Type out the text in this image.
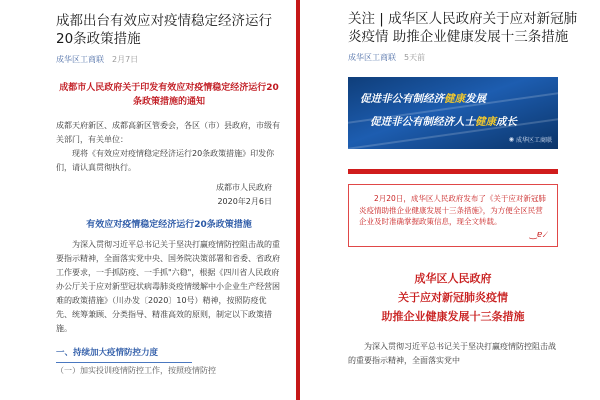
成都出台有效应对疫情稳定经济运行20条政策措施
成华区工商联 2月7日
成都市人民政府关于印发有效应对疫情稳定经济运行20条政策措施的通知

成都天府新区、成都高新区管委会，各区（市）县政府，市级有关部门，有关单位：

现将《有效应对疫情稳定经济运行20条政策措施》印发你们，请认真贯彻执行。

成都市人民政府

2020年2月6日

有效应对疫情稳定经济运行20条政策措施

为深入贯彻习近平总书记关于坚决打赢疫情防控阻击战的重要指示精神，全面落实党中央、国务院决策部署和省委、省政府工作要求，一手抓防疫、一手抓"六稳"，根据《四川省人民政府办公厅关于应对新型冠状病毒肺炎疫情缓解中小企业生产经营困难的政策措施》（川办发〔2020〕10号）精神，按照防疫优先、统筹兼顾、分类指导、精准高效的原则，制定以下政策措施。

一、持续加大疫情防控力度

（一）加实投训疫情防控工作，按照疫情防控

关注 | 成华区人民政府关于应对新冠肺炎疫情 助推企业健康发展十三条措施
成华区工商联 5天前
促进非公有制经济健康发展
促进非公有制经济人士健康成长
◉ 成华区工商联

2月20日，成华区人民政府发布了《关于应对新冠肺炎疫情助推企业健康发展十三条措施》，为方便全区民营企业及时准确掌握政策信息，现全文转载。

‿ɐ৴
成华区人民政府
关于应对新冠肺炎疫情
助推企业健康发展十三条措施

为深入贯彻习近平总书记关于坚决打赢疫情防控阻击战的重要指示精神，全面落实党中
